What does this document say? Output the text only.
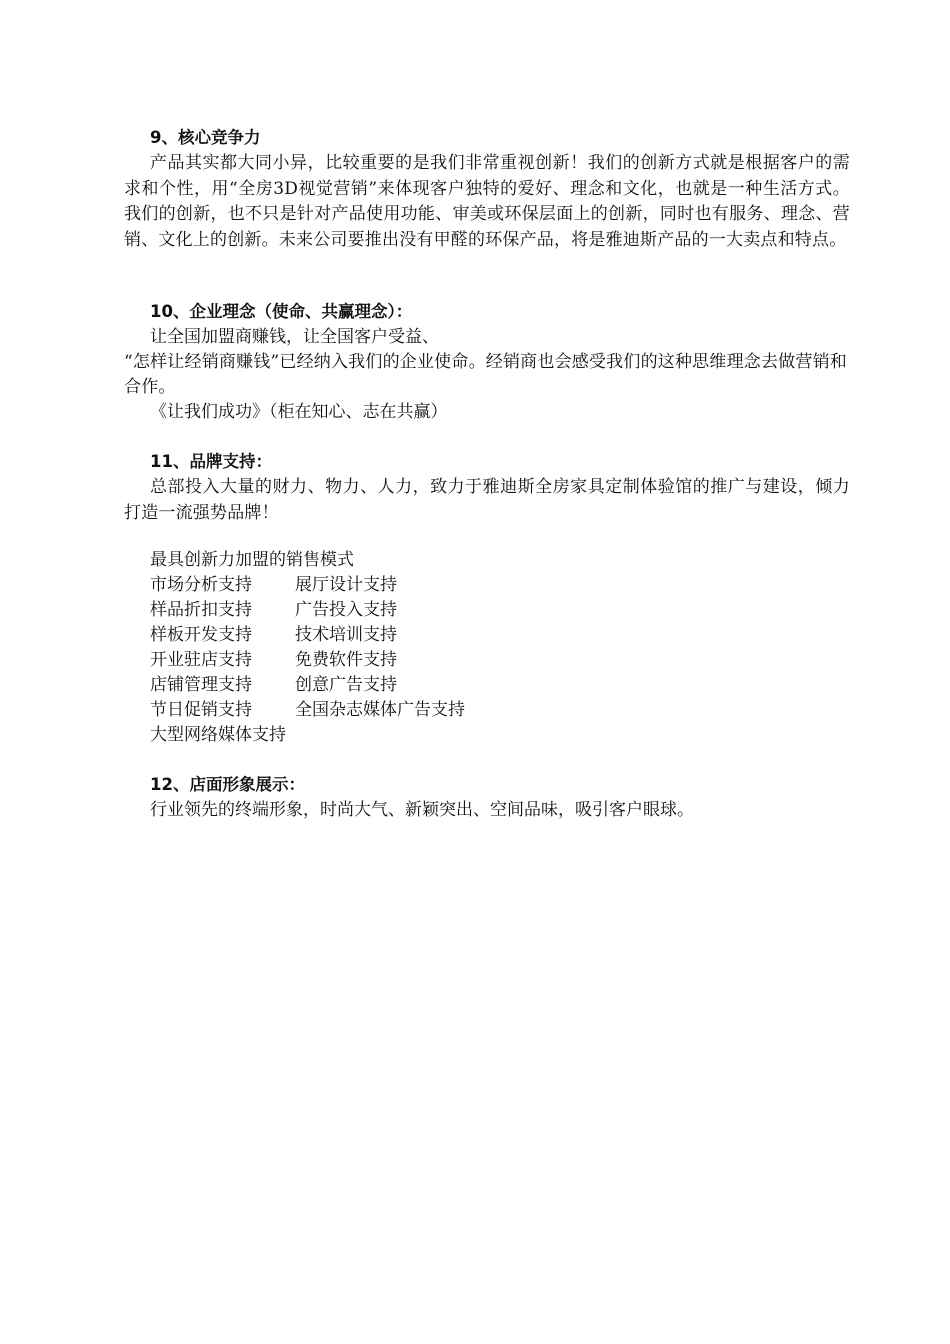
9、核心竞争力

产品其实都大同小异，比较重要的是我们非常重视创新！我们的创新方式就是根据客户的需求和个性，用“全房3D视觉营销”来体现客户独特的爱好、理念和文化，也就是一种生活方式。我们的创新，也不只是针对产品使用功能、审美或环保层面上的创新，同时也有服务、理念、营销、文化上的创新。未来公司要推出没有甲醛的环保产品，将是雅迪斯产品的一大卖点和特点。

10、企业理念（使命、共赢理念）：

让全国加盟商赚钱，让全国客户受益、

“怎样让经销商赚钱”已经纳入我们的企业使命。经销商也会感受我们的这种思维理念去做营销和合作。

《让我们成功》（柜在知心、志在共赢）

11、品牌支持：

总部投入大量的财力、物力、人力，致力于雅迪斯全房家具定制体验馆的推广与建设，倾力打造一流强势品牌！

最具创新力加盟的销售模式

市场分析支持	展厅设计支持
样品折扣支持	广告投入支持
样板开发支持	技术培训支持
开业驻店支持	免费软件支持
店铺管理支持	创意广告支持
节日促销支持	全国杂志媒体广告支持
大型网络媒体支持
12、店面形象展示：

行业领先的终端形象，时尚大气、新颖突出、空间品味，吸引客户眼球。
